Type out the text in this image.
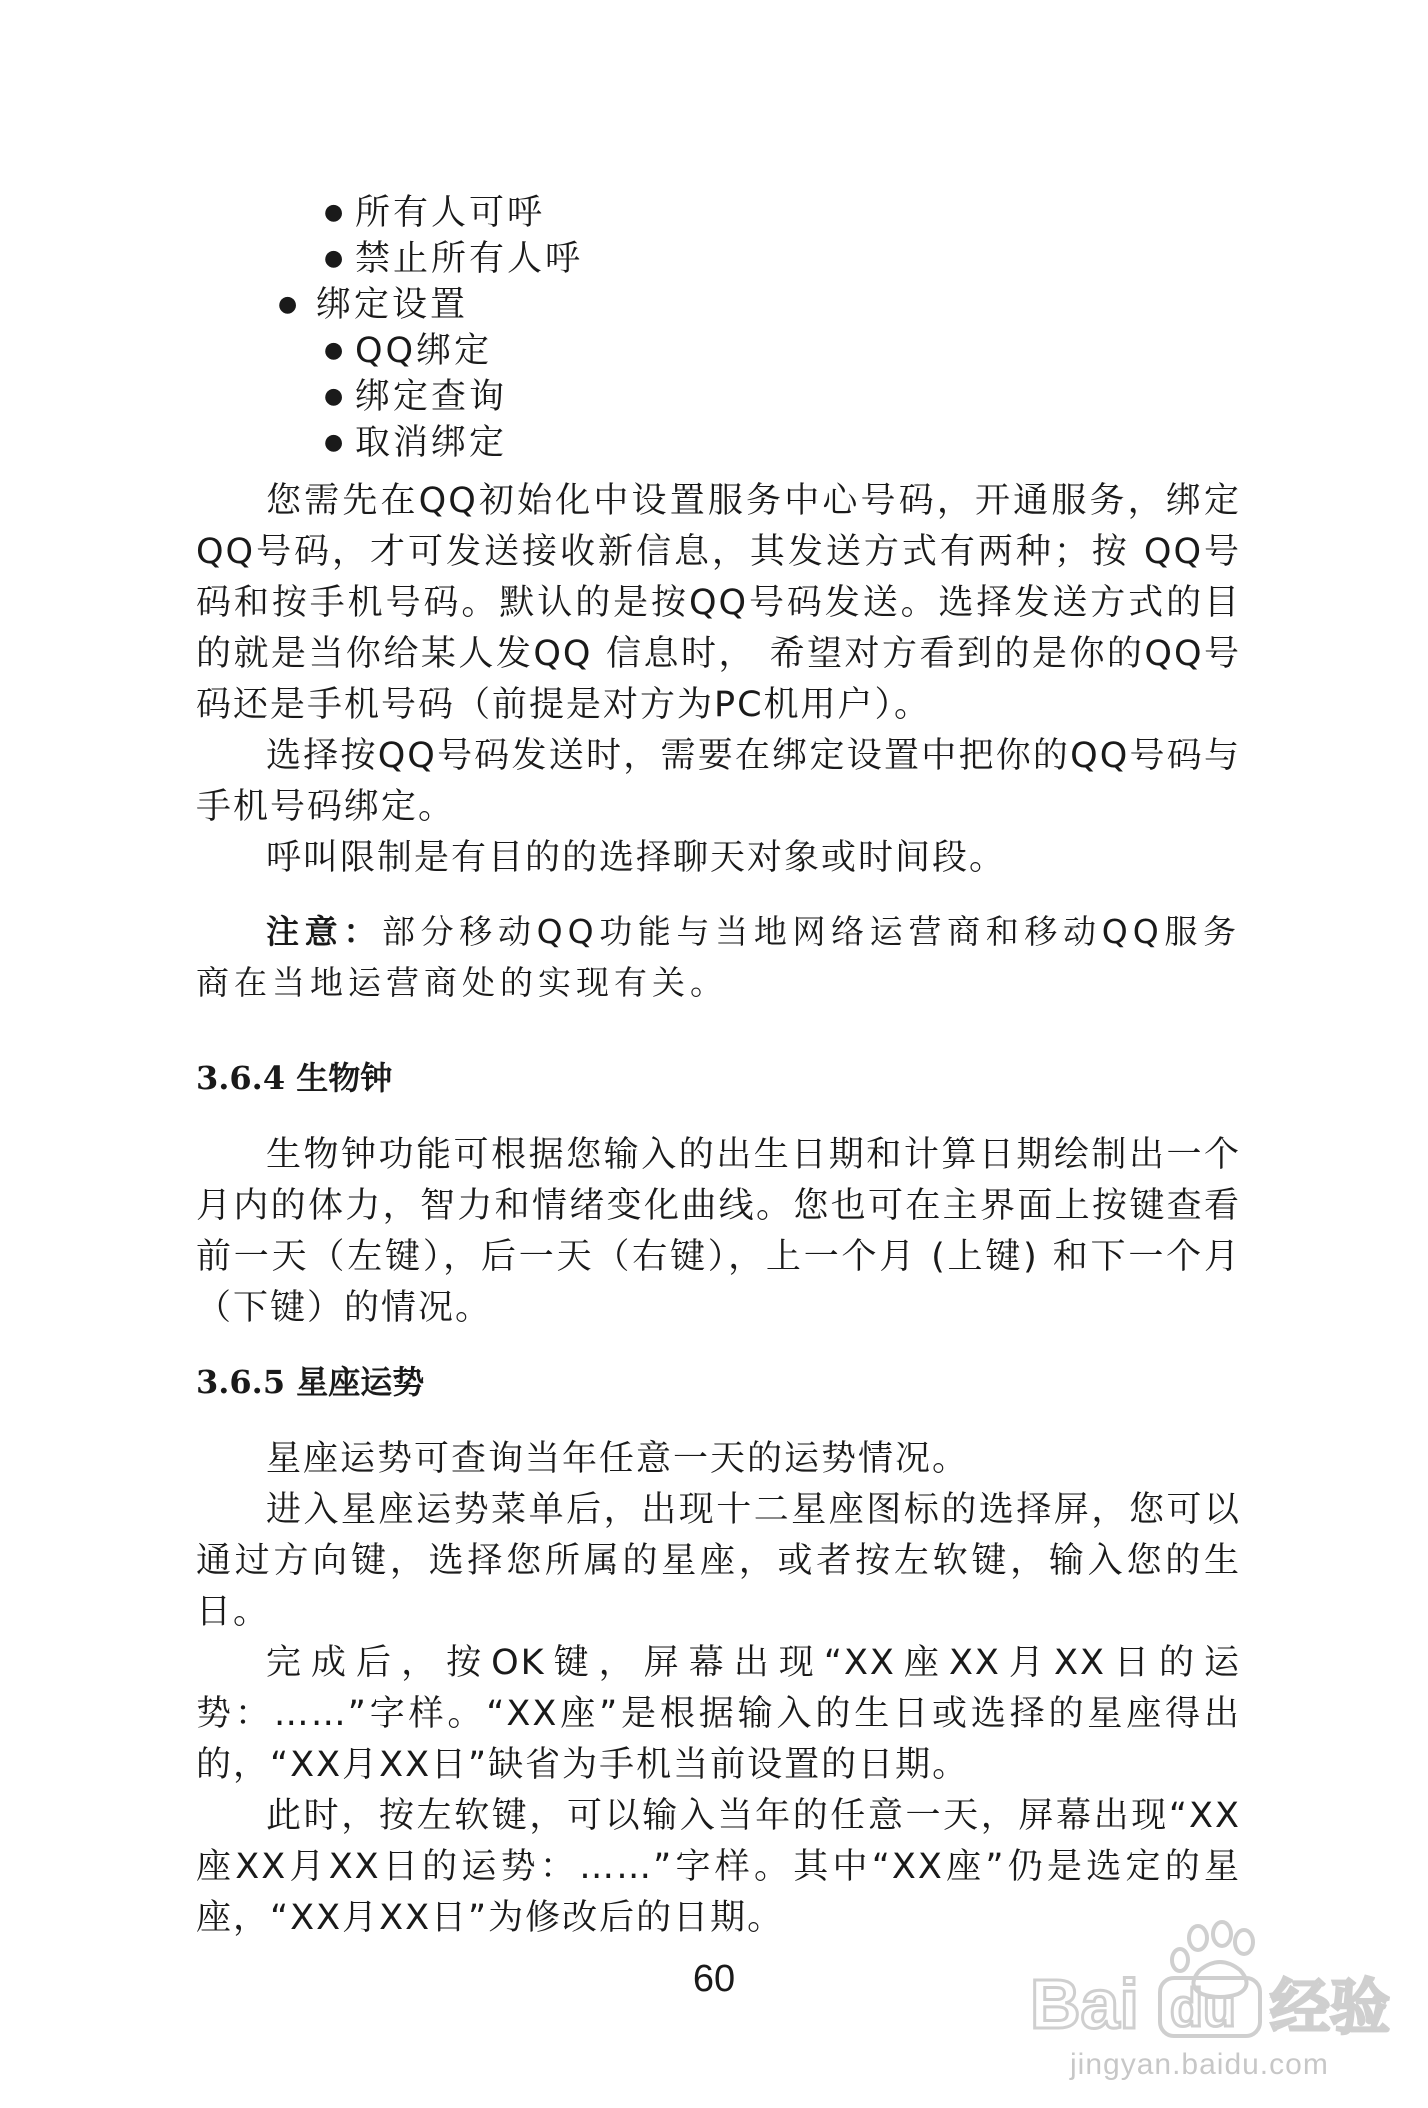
● 所有人可呼
● 禁止所有人呼
● 绑定设置
● QQ绑定
● 绑定查询
● 取消绑定

您需先在QQ初始化中设置服务中心号码，开通服务，绑定QQ号码，才可发送接收新信息，其发送方式有两种；按 QQ号码和按手机号码。默认的是按QQ号码发送。选择发送方式的目的就是当你给某人发QQ 信息时， 希望对方看到的是你的QQ号码还是手机号码（前提是对方为PC机用户）。

选择按QQ号码发送时，需要在绑定设置中把你的QQ号码与手机号码绑定。

呼叫限制是有目的的选择聊天对象或时间段。

注意：部分移动QQ功能与当地网络运营商和移动QQ服务商在当地运营商处的实现有关。

3.6.4 生物钟

生物钟功能可根据您输入的出生日期和计算日期绘制出一个月内的体力，智力和情绪变化曲线。您也可在主界面上按键查看前一天（左键），后一天（右键），上一个月 (上键) 和下一个月（下键）的情况。

3.6.5 星座运势

星座运势可查询当年任意一天的运势情况。

进入星座运势菜单后，出现十二星座图标的选择屏，您可以通过方向键，选择您所属的星座，或者按左软键，输入您的生日。

完成后，按OK键，屏幕出现“XX座XX月XX日的运势：……”字样。“XX座”是根据输入的生日或选择的星座得出的，“XX月XX日”缺省为手机当前设置的日期。

此时，按左软键，可以输入当年的任意一天，屏幕出现“XX座XX月XX日的运势：……”字样。其中“XX座”仍是选定的星座，“XX月XX日”为修改后的日期。

60	Bai du 经验
jingyan.baidu.com
